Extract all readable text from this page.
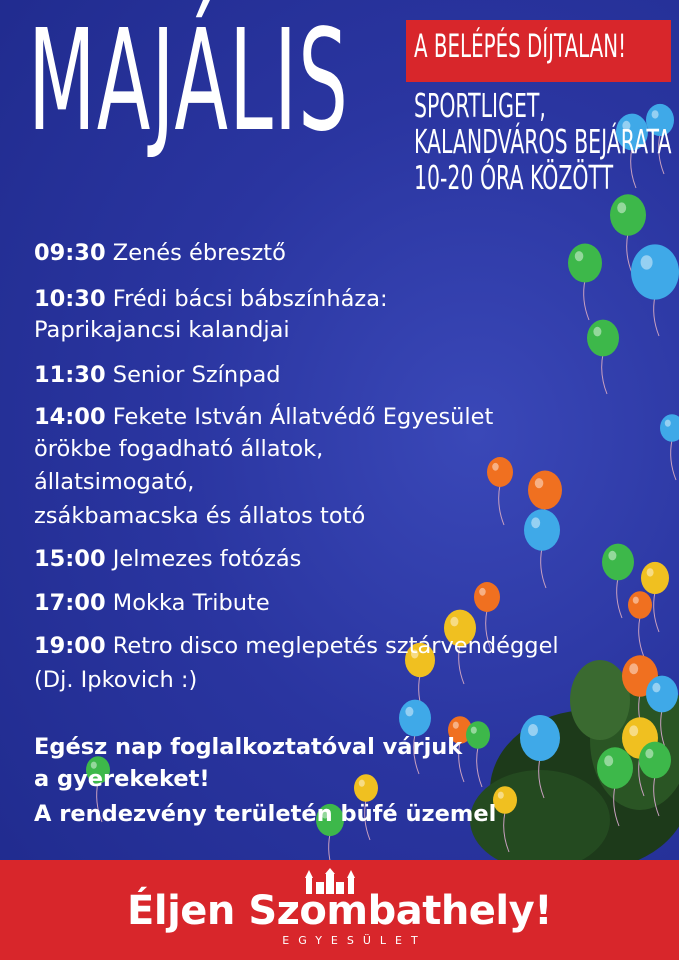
MAJÁLIS A BELÉPÉS DÍJTALAN!
SPORTLIGET,
KALANDVÁROS BEJÁRATA
10-20 ÓRA KÖZÖTT
09:30 Zenés ébresztő
10:30 Frédi bácsi bábszínháza:
Paprikajancsi kalandjai
11:30 Senior Színpad
14:00 Fekete István Állatvédő Egyesület
örökbe fogadható állatok,
állatsimogató,
zsákbamacska és állatos totó
15:00 Jelmezes fotózás
17:00 Mokka Tribute
19:00 Retro disco meglepetés sztárvendéggel
(Dj. Ipkovich :)
Egész nap foglalkoztatóval várjuk
a gyerekeket!
A rendezvény területén büfé üzemel
Éljen Szombathely!
EGYESÜLET
